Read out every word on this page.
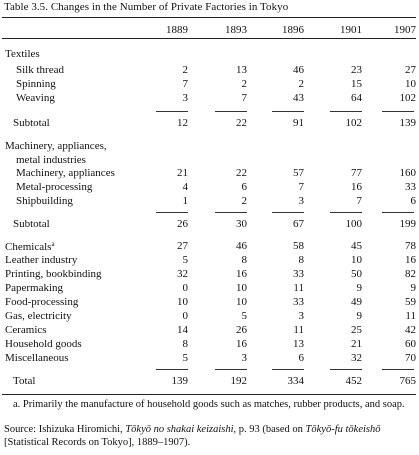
Table 3.5. Changes in the Number of Private Factories in Tokyo
1889	1893	1896	1901	1907
Textiles
Silk thread	2	13	46	23	27
Spinning	7	2	2	15	10
Weaving	3	7	43	64	102
Subtotal	12	22	91	102	139
Machinery, appliances,
metal industries
Machinery, appliances	21	22	57	77	160
Metal-processing	4	6	7	16	33
Shipbuilding	1	2	3	7	6
Subtotal	26	30	67	100	199
Chemicals$^a$	27	46	58	45	78
Leather industry	5	8	8	10	16
Printing, bookbinding	32	16	33	50	82
Papermaking	0	10	11	9	9
Food-processing	10	10	33	49	59
Gas, electricity	0	5	3	9	11
Ceramics	14	26	11	25	42
Household goods	8	16	13	21	60
Miscellaneous	5	3	6	32	70
Total	139	192	334	452	765
a. Primarily the manufacture of household goods such as matches, rubber products, and soap.
Source: Ishizuka Hiromichi, Tōkyō no shakai keizaishi, p. 93 (based on Tōkyō-fu tōkeishō [Statistical Records on Tokyo], 1889–1907).
